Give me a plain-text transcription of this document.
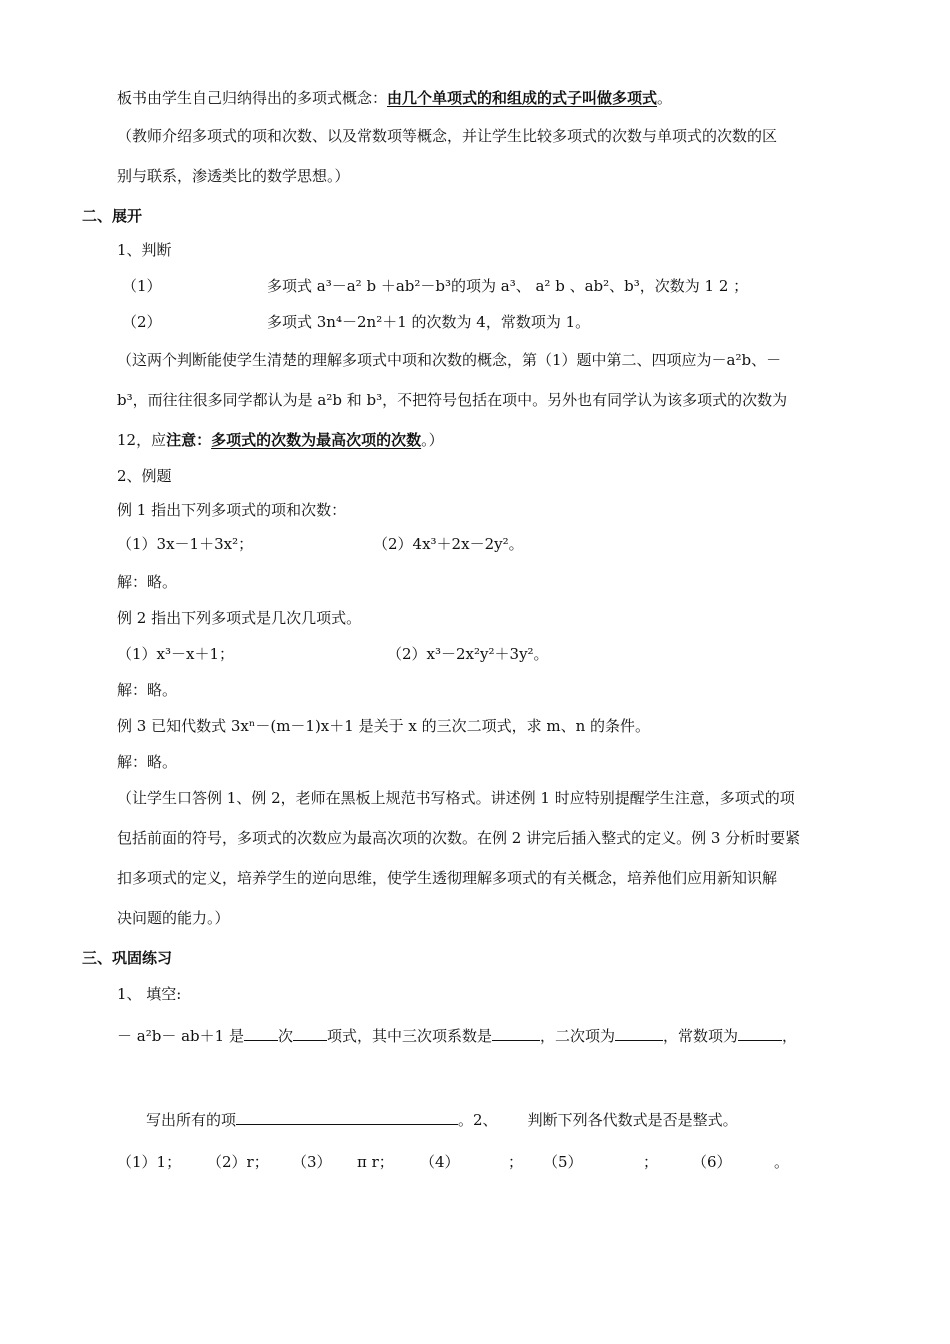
板书由学生自己归纳得出的多项式概念：由几个单项式的和组成的式子叫做多项式。
（教师介绍多项式的项和次数、以及常数项等概念，并让学生比较多项式的次数与单项式的次数的区
别与联系，渗透类比的数学思想。）
二、展开
1、判断
（1）	多项式 a³－a² b ＋ab²－b³的项为 a³、 a² b 、ab²、b³，次数为 1 2 ；
（2）	多项式 3n⁴－2n²＋1 的次数为 4，常数项为 1。
（这两个判断能使学生清楚的理解多项式中项和次数的概念，第（1）题中第二、四项应为－a²b、－
b³，而往往很多同学都认为是 a²b 和 b³，不把符号包括在项中。另外也有同学认为该多项式的次数为
12，应注意：多项式的次数为最高次项的次数。）
2、例题
例 1 指出下列多项式的项和次数：
（1）3x－1＋3x²；	（2）4x³＋2x－2y²。
解：略。
例 2 指出下列多项式是几次几项式。
（1）x³－x＋1；	（2）x³－2x²y²＋3y²。
解：略。
例 3 已知代数式 3xⁿ－(m－1)x＋1 是关于 x 的三次二项式，求 m、n 的条件。
解：略。
（让学生口答例 1、例 2，老师在黑板上规范书写格式。讲述例 1 时应特别提醒学生注意，多项式的项
包括前面的符号，多项式的次数应为最高次项的次数。在例 2 讲完后插入整式的定义。例 3 分析时要紧
扣多项式的定义，培养学生的逆向思维，使学生透彻理解多项式的有关概念，培养他们应用新知识解
决问题的能力。）
三、巩固练习
1、 填空:
－ a²b－ ab＋1 是 次 项式，其中三次项系数是	，二次项为	，常数项为	，
写出所有的项	。2、 判断下列各代数式是否是整式。
（1）1； （2）r； （3） π r； （4）	； （5）	； （6）	。
